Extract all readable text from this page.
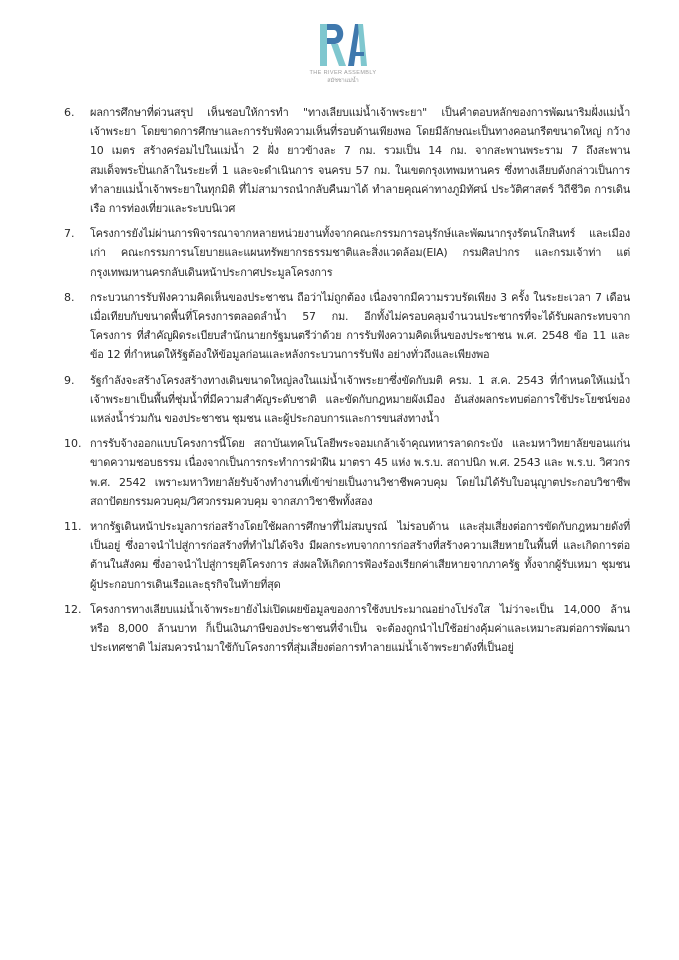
THE RIVER ASSEMBLY
สมัชชาแม่น้ำ
6. ผลการศึกษาที่ด่วนสรุป เห็นชอบให้การทำ "ทางเลียบแม่น้ำเจ้าพระยา" เป็นคำตอบหลักของการพัฒนาริมฝั่งแม่น้ำเจ้าพระยา โดยขาดการศึกษาและการรับฟังความเห็นที่รอบด้านเพียงพอ โดยมีลักษณะเป็นทางคอนกรีตขนาดใหญ่ กว้าง 10 เมตร สร้างคร่อมไปในแม่น้ำ 2 ฝั่ง ยาวข้างละ 7 กม. รวมเป็น 14 กม. จากสะพานพระราม 7 ถึงสะพานสมเด็จพระปิ่นเกล้าในระยะที่ 1 และจะดำเนินการ จนครบ 57 กม. ในเขตกรุงเทพมหานคร ซึ่งทางเลียบดังกล่าวเป็นการทำลายแม่น้ำเจ้าพระยาในทุกมิติ ที่ไม่สามารถนำกลับคืนมาได้ ทำลายคุณค่าทางภูมิทัศน์ ประวัติศาสตร์ วิถีชีวิต การเดินเรือ การท่องเที่ยวและระบบนิเวศ

7. โครงการยังไม่ผ่านการพิจารณาจากหลายหน่วยงานทั้งจากคณะกรรมการอนุรักษ์และพัฒนากรุงรัตนโกสินทร์ และเมืองเก่า คณะกรรมการนโยบายและแผนทรัพยากรธรรมชาติและสิ่งแวดล้อม(EIA) กรมศิลปากร และกรมเจ้าท่า แต่กรุงเทพมหานครกลับเดินหน้าประกาศประมูลโครงการ

8. กระบวนการรับฟังความคิดเห็นของประชาชน ถือว่าไม่ถูกต้อง เนื่องจากมีความรวบรัดเพียง 3 ครั้ง ในระยะเวลา 7 เดือน เมื่อเทียบกับขนาดพื้นที่โครงการตลอดลำน้ำ 57 กม. อีกทั้งไม่ครอบคลุมจำนวนประชากรที่จะได้รับผลกระทบจากโครงการ ที่สำคัญผิดระเบียบสำนักนายกรัฐมนตรีว่าด้วย การรับฟังความคิดเห็นของประชาชน พ.ศ. 2548 ข้อ 11 และ ข้อ 12 ที่กำหนดให้รัฐต้องให้ข้อมูลก่อนและหลังกระบวนการรับฟัง อย่างทั่วถึงและเพียงพอ

9. รัฐกำลังจะสร้างโครงสร้างทางเดินขนาดใหญ่ลงในแม่น้ำเจ้าพระยาซึ่งขัดกับมติ ครม. 1 ส.ค. 2543 ที่กำหนดให้แม่น้ำเจ้าพระยาเป็นพื้นที่ชุ่มน้ำที่มีความสำคัญระดับชาติ และขัดกับกฎหมายผังเมือง อันส่งผลกระทบต่อการใช้ประโยชน์ของแหล่งน้ำร่วมกัน ของประชาชน ชุมชน และผู้ประกอบการและการขนส่งทางน้ำ

10. การรับจ้างออกแบบโครงการนี้โดย สถาบันเทคโนโลยีพระจอมเกล้าเจ้าคุณทหารลาดกระบัง และมหาวิทยาลัยขอนแก่น ขาดความชอบธรรม เนื่องจากเป็นการกระทำการฝ่าฝืน มาตรา 45 แห่ง พ.ร.บ. สถาปนิก พ.ศ. 2543 และ พ.ร.บ. วิศวกร พ.ศ. 2542 เพราะมหาวิทยาลัยรับจ้างทำงานที่เข้าข่ายเป็นงานวิชาชีพควบคุม โดยไม่ได้รับใบอนุญาตประกอบวิชาชีพสถาปัตยกรรมควบคุม/วิศวกรรมควบคุม จากสภาวิชาชีพทั้งสอง

11. หากรัฐเดินหน้าประมูลการก่อสร้างโดยใช้ผลการศึกษาที่ไม่สมบูรณ์ ไม่รอบด้าน และสุ่มเสี่ยงต่อการขัดกับกฎหมายดังที่เป็นอยู่ ซึ่งอาจนำไปสู่การก่อสร้างที่ทำไม่ได้จริง มีผลกระทบจากการก่อสร้างที่สร้างความเสียหายในพื้นที่ และเกิดการต่อต้านในสังคม ซึ่งอาจนำไปสู่การยุติโครงการ ส่งผลให้เกิดการฟ้องร้องเรียกค่าเสียหายจากภาครัฐ ทั้งจากผู้รับเหมา ชุมชน ผู้ประกอบการเดินเรือและธุรกิจในท้ายที่สุด

12. โครงการทางเลียบแม่น้ำเจ้าพระยายังไม่เปิดเผยข้อมูลของการใช้งบประมาณอย่างโปร่งใส ไม่ว่าจะเป็น 14,000 ล้าน หรือ 8,000 ล้านบาท ก็เป็นเงินภาษีของประชาชนที่จำเป็น จะต้องถูกนำไปใช้อย่างคุ้มค่าและเหมาะสมต่อการพัฒนาประเทศชาติ ไม่สมควรนำมาใช้กับโครงการที่สุ่มเสี่ยงต่อการทำลายแม่น้ำเจ้าพระยาดังที่เป็นอยู่
